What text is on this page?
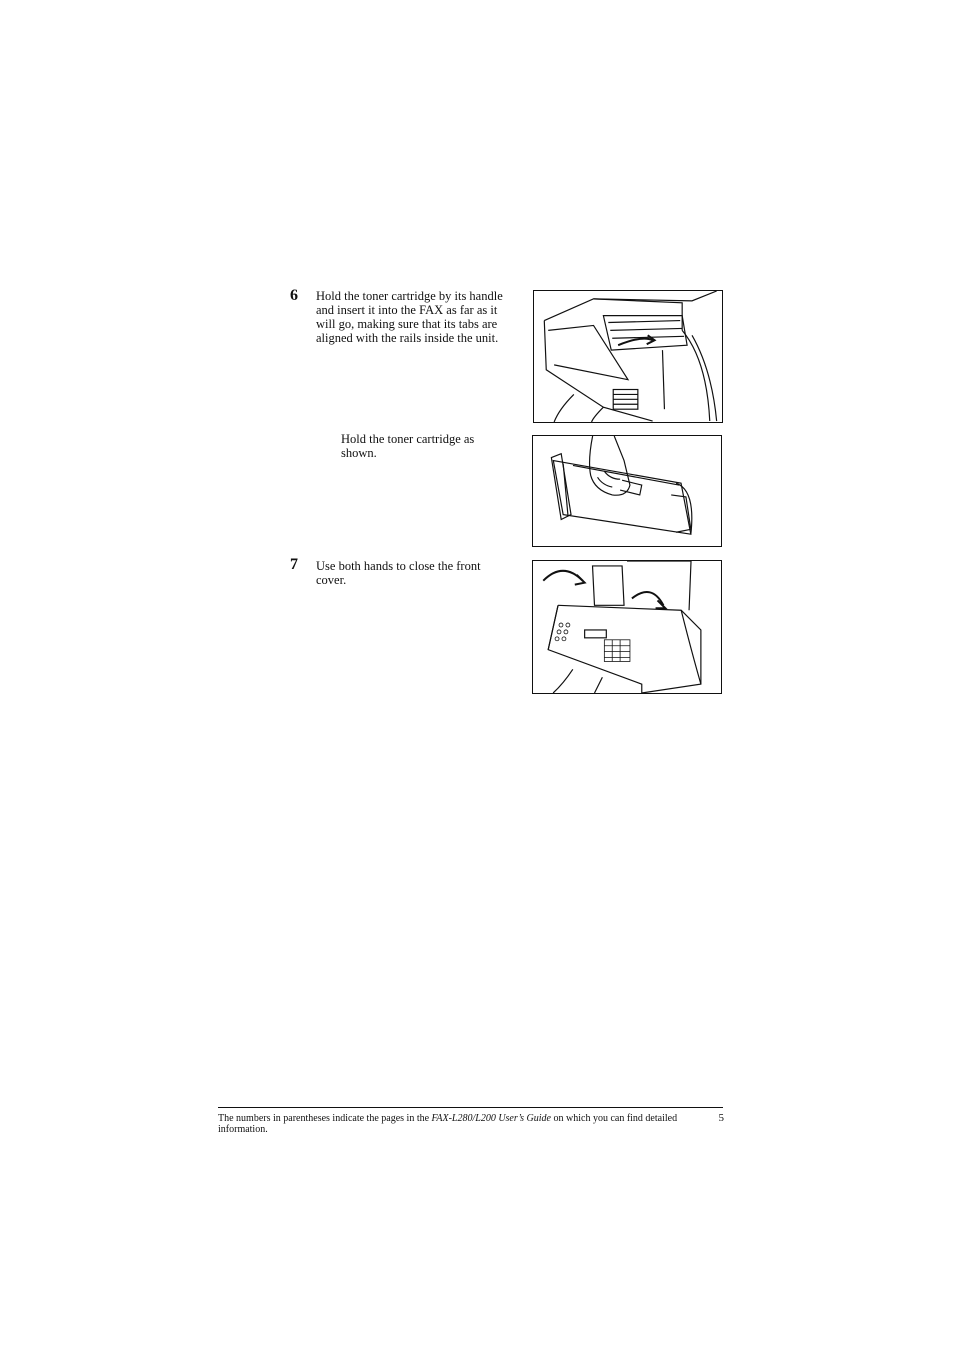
6 Hold the toner cartridge by its handle and insert it into the FAX as far as it will go, making sure that its tabs are aligned with the rails inside the unit.
Hold the toner cartridge as shown.
7 Use both hands to close the front cover.
The numbers in parentheses indicate the pages in the FAX-L280/L200 User’s Guide on which you can find detailed information.
5
